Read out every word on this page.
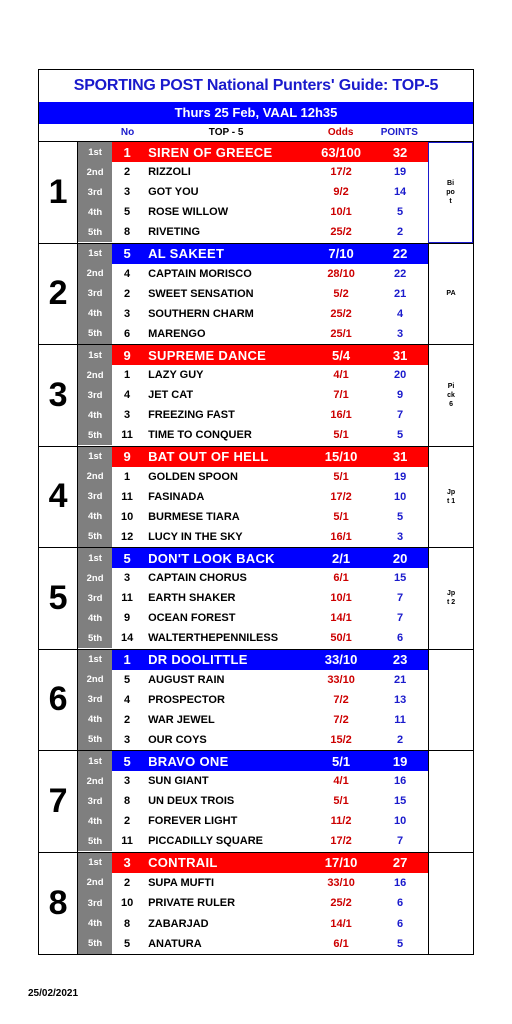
SPORTING POST National Punters' Guide: TOP-5
Thurs 25 Feb, VAAL 12h35
No	TOP - 5	Odds	POINTS
1
1st	1	SIREN OF GREECE	63/100	32
2nd	2	RIZZOLI	17/2	19
3rd	3	GOT YOU	9/2	14
4th	5	ROSE WILLOW	10/1	5
5th	8	RIVETING	25/2	2
Bipot
2
1st	5	AL SAKEET	7/10	22
2nd	4	CAPTAIN MORISCO	28/10	22
3rd	2	SWEET SENSATION	5/2	21
4th	3	SOUTHERN CHARM	25/2	4
5th	6	MARENGO	25/1	3
PA
3
1st	9	SUPREME DANCE	5/4	31
2nd	1	LAZY GUY	4/1	20
3rd	4	JET CAT	7/1	9
4th	3	FREEZING FAST	16/1	7
5th	11	TIME TO CONQUER	5/1	5
Pick 6
4
1st	9	BAT OUT OF HELL	15/10	31
2nd	1	GOLDEN SPOON	5/1	19
3rd	11	FASINADA	17/2	10
4th	10	BURMESE TIARA	5/1	5
5th	12	LUCY IN THE SKY	16/1	3
Jpt 1
5
1st	5	DON'T LOOK BACK	2/1	20
2nd	3	CAPTAIN CHORUS	6/1	15
3rd	11	EARTH SHAKER	10/1	7
4th	9	OCEAN FOREST	14/1	7
5th	14	WALTERTHEPENNILESS	50/1	6
Jpt 2
6
1st	1	DR DOOLITTLE	33/10	23
2nd	5	AUGUST RAIN	33/10	21
3rd	4	PROSPECTOR	7/2	13
4th	2	WAR JEWEL	7/2	11
5th	3	OUR COYS	15/2	2
7
1st	5	BRAVO ONE	5/1	19
2nd	3	SUN GIANT	4/1	16
3rd	8	UN DEUX TROIS	5/1	15
4th	2	FOREVER LIGHT	11/2	10
5th	11	PICCADILLY SQUARE	17/2	7
8
1st	3	CONTRAIL	17/10	27
2nd	2	SUPA MUFTI	33/10	16
3rd	10	PRIVATE RULER	25/2	6
4th	8	ZABARJAD	14/1	6
5th	5	ANATURA	6/1	5
25/02/2021
